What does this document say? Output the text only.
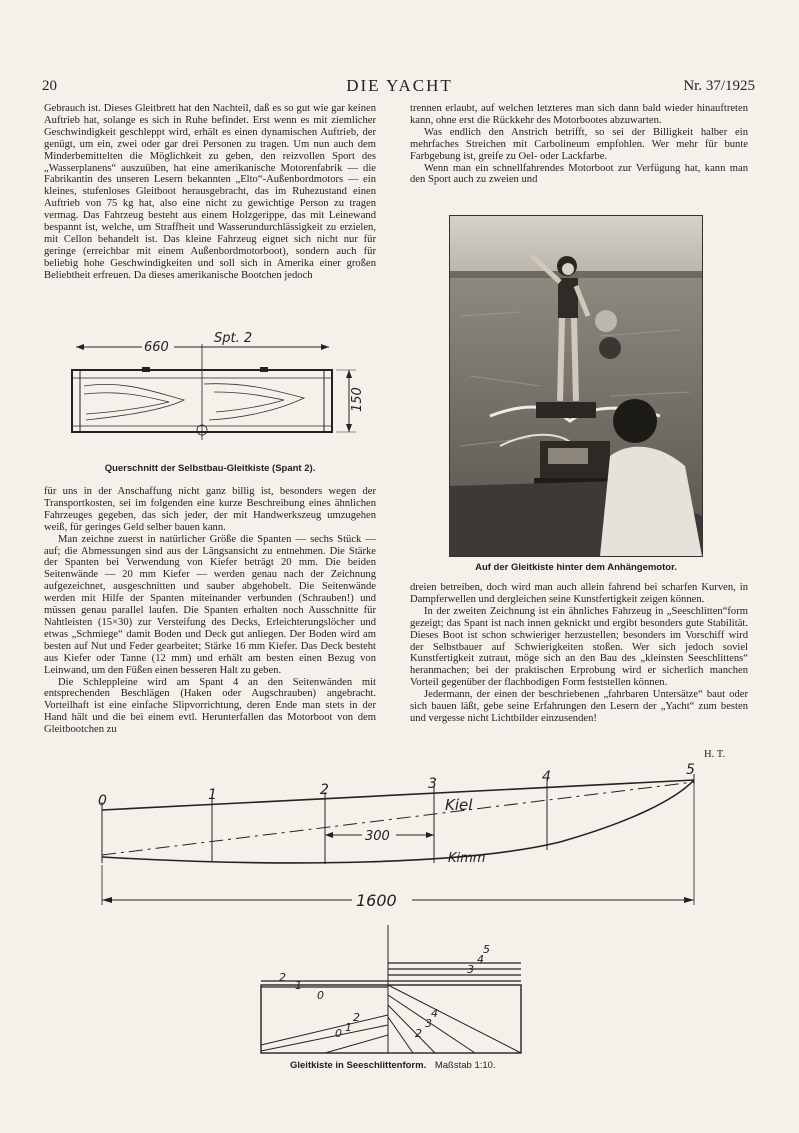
20	DIE YACHT	Nr. 37/1925

Gebrauch ist. Dieses Gleitbrett hat den Nachteil, daß es so gut wie gar keinen Auftrieb hat, solange es sich in Ruhe befindet. Erst wenn es mit ziemlicher Geschwindigkeit geschleppt wird, erhält es einen dynamischen Auftrieb, der genügt, um ein, zwei oder gar drei Personen zu tragen. Um nun auch dem Minderbemittelten die Möglichkeit zu geben, den reizvollen Sport des „Wasserplanens“ auszuüben, hat eine amerikanische Motorenfabrik — die Fabrikantin des unseren Lesern bekannten „Elto“-Außenbordmotors — ein kleines, stufenloses Gleitboot herausgebracht, das im Ruhezustand einen Auftrieb von 75 kg hat, also eine nicht zu gewichtige Person zu tragen vermag. Das Fahrzeug besteht aus einem Holzgerippe, das mit Leinewand bespannt ist, welche, um Straffheit und Wasserundurchlässigkeit zu erzielen, mit Cellon behandelt ist. Das kleine Fahrzeug eignet sich nicht nur für geringe (erreichbar mit einem Außenbordmotorboot), sondern auch für beliebig hohe Geschwindigkeiten und soll sich in Amerika einer großen Beliebtheit erfreuen. Da dieses amerikanische Bootchen jedoch

660
Spt. 2
150
Querschnitt der Selbstbau-Gleitkiste (Spant 2).

für uns in der Anschaffung nicht ganz billig ist, besonders wegen der Transportkosten, sei im folgenden eine kurze Beschreibung eines ähnlichen Fahrzeuges gegeben, das sich jeder, der mit Handwerkszeug umzugehen weiß, für geringes Geld selber bauen kann.

Man zeichne zuerst in natürlicher Größe die Spanten — sechs Stück — auf; die Abmessungen sind aus der Längsansicht zu entnehmen. Die Stärke der Spanten bei Verwendung von Kiefer beträgt 20 mm. Die beiden Seitenwände — 20 mm Kiefer — werden genau nach der Zeichnung aufgezeichnet, ausgeschnitten und sauber abgehobelt. Die Seitenwände werden mit Hilfe der Spanten miteinander verbunden (Schrauben!) und müssen genau parallel laufen. Die Spanten erhalten noch Ausschnitte für Nahtleisten (15×30) zur Versteifung des Decks, Erleichterungslöcher und etwas „Schmiege“ damit Boden und Deck gut anliegen. Der Boden wird am besten auf Nut und Feder gearbeitet; Stärke 16 mm Kiefer. Das Deck besteht aus Kiefer oder Tanne (12 mm) und erhält am besten einen Bezug von Leinwand, um den Füßen einen besseren Halt zu geben.

Die Schleppleine wird am Spant 4 an den Seitenwänden mit entsprechenden Beschlägen (Haken oder Augschrauben) angebracht. Vorteilhaft ist eine einfache Slipvorrichtung, deren Ende man stets in der Hand hält und die bei einem evtl. Herunterfallen das Motorboot von dem Gleitbootchen zu

trennen erlaubt, auf welchen letzteres man sich dann bald wieder hinauftreten kann, ohne erst die Rückkehr des Motorbootes abzuwarten.

Was endlich den Anstrich betrifft, so sei der Billigkeit halber ein mehrfaches Streichen mit Carbolineum empfohlen. Wer mehr für bunte Farbgebung ist, greife zu Oel- oder Lackfarbe.

Wenn man ein schnellfahrendes Motorboot zur Verfügung hat, kann man den Sport auch zu zweien und

Auf der Gleitkiste hinter dem Anhängemotor.

dreien betreiben, doch wird man auch allein fahrend bei scharfen Kurven, in Dampferwellen und dergleichen seine Kunstfertigkeit zeigen können.

In der zweiten Zeichnung ist ein ähnliches Fahrzeug in „Seeschlitten“form gezeigt; das Spant ist nach innen geknickt und ergibt besonders gute Stabilität. Dieses Boot ist schon schwieriger herzustellen; besonders im Vorschiff wird der Selbstbauer auf Schwierigkeiten stoßen. Wer sich jedoch soviel Kunstfertigkeit zutraut, möge sich an den Bau des „kleinsten Seeschlittens“ heranmachen; bei der praktischen Erprobung wird er sicherlich manchen Vorteil gegenüber der flachbodigen Form feststellen können.

Jedermann, der einen der beschriebenen „fahrbaren Untersätze“ baut oder sich bauen läßt, gebe seine Erfahrungen den Lesern der „Yacht“ zum besten und vergesse nicht Lichtbilder einzusenden!

H. T.
0	1	2	3	4	5
Kiel
Kimm
300
1600
2
1
0
2
1
0
5
4
3
4
3
2
Gleitkiste in Seeschlittenform. Maßstab 1:10.
